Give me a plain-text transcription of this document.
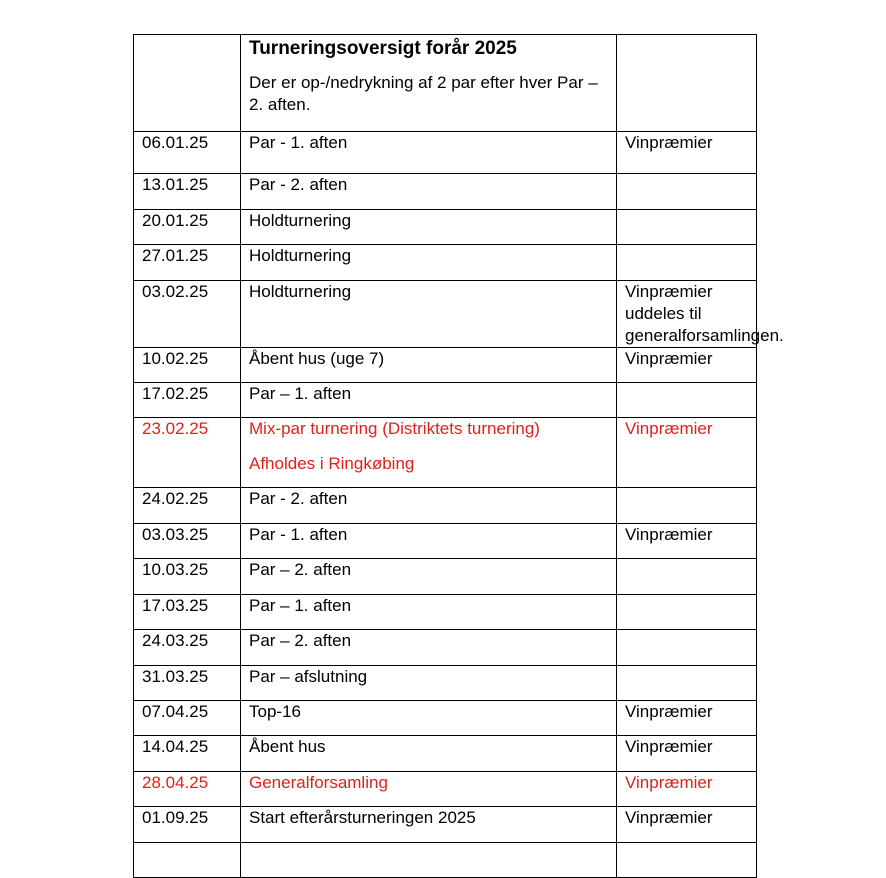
	Turneringsoversigt forår 2025
Der er op-/nedrykning af 2 par efter hver Par – 2. aften.	

06.01.25	Par - 1. aften	Vinpræmier
13.01.25	Par - 2. aften	
20.01.25	Holdturnering	
27.01.25	Holdturnering	
03.02.25	Holdturnering	Vinpræmier uddeles til generalforsamlingen.
10.02.25	Åbent hus (uge 7)	Vinpræmier
17.02.25	Par – 1. aften	
23.02.25	Mix-par turnering (Distriktets turnering)
Afholdes i Ringkøbing	Vinpræmier
24.02.25	Par - 2. aften	
03.03.25	Par - 1. aften	Vinpræmier
10.03.25	Par – 2. aften	
17.03.25	Par – 1. aften	
24.03.25	Par – 2. aften	
31.03.25	Par – afslutning	
07.04.25	Top-16	Vinpræmier
14.04.25	Åbent hus	Vinpræmier
28.04.25	Generalforsamling	Vinpræmier
01.09.25	Start efterårsturneringen 2025	Vinpræmier
